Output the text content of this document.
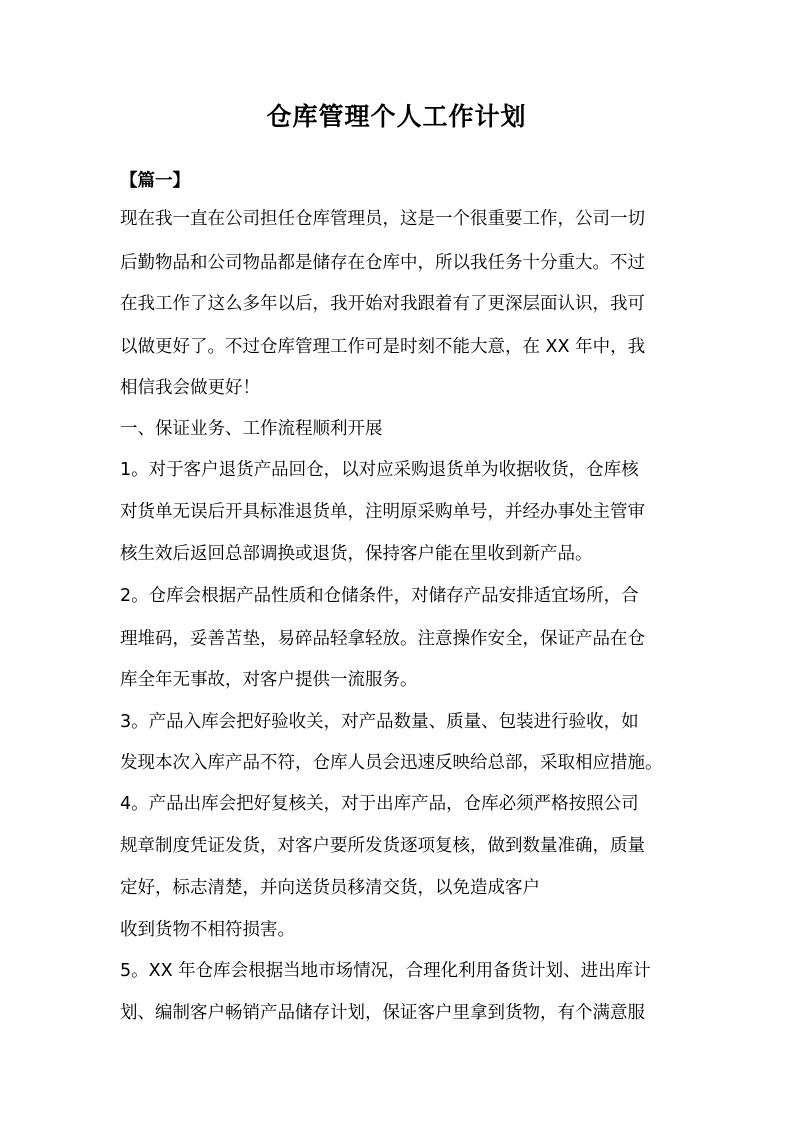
仓库管理个人工作计划
【篇一】
现在我一直在公司担任仓库管理员，这是一个很重要工作，公司一切
后勤物品和公司物品都是储存在仓库中，所以我任务十分重大。不过
在我工作了这么多年以后，我开始对我跟着有了更深层面认识，我可
以做更好了。不过仓库管理工作可是时刻不能大意，在 XX 年中，我
相信我会做更好！
一、保证业务、工作流程顺利开展
1。对于客户退货产品回仓，以对应采购退货单为收据收货，仓库核
对货单无误后开具标准退货单，注明原采购单号，并经办事处主管审
核生效后返回总部调换或退货，保持客户能在里收到新产品。
2。仓库会根据产品性质和仓储条件，对储存产品安排适宜场所，合
理堆码，妥善苫垫，易碎品轻拿轻放。注意操作安全，保证产品在仓
库全年无事故，对客户提供一流服务。
3。产品入库会把好验收关，对产品数量、质量、包装进行验收，如
发现本次入库产品不符，仓库人员会迅速反映给总部，采取相应措施。
4。产品出库会把好复核关，对于出库产品，仓库必须严格按照公司
规章制度凭证发货，对客户要所发货逐项复核，做到数量准确，质量
定好，标志清楚，并向送货员移清交货，以免造成客户
收到货物不相符损害。
5。XX 年仓库会根据当地市场情况，合理化利用备货计划、进出库计
划、编制客户畅销产品储存计划，保证客户里拿到货物，有个满意服
